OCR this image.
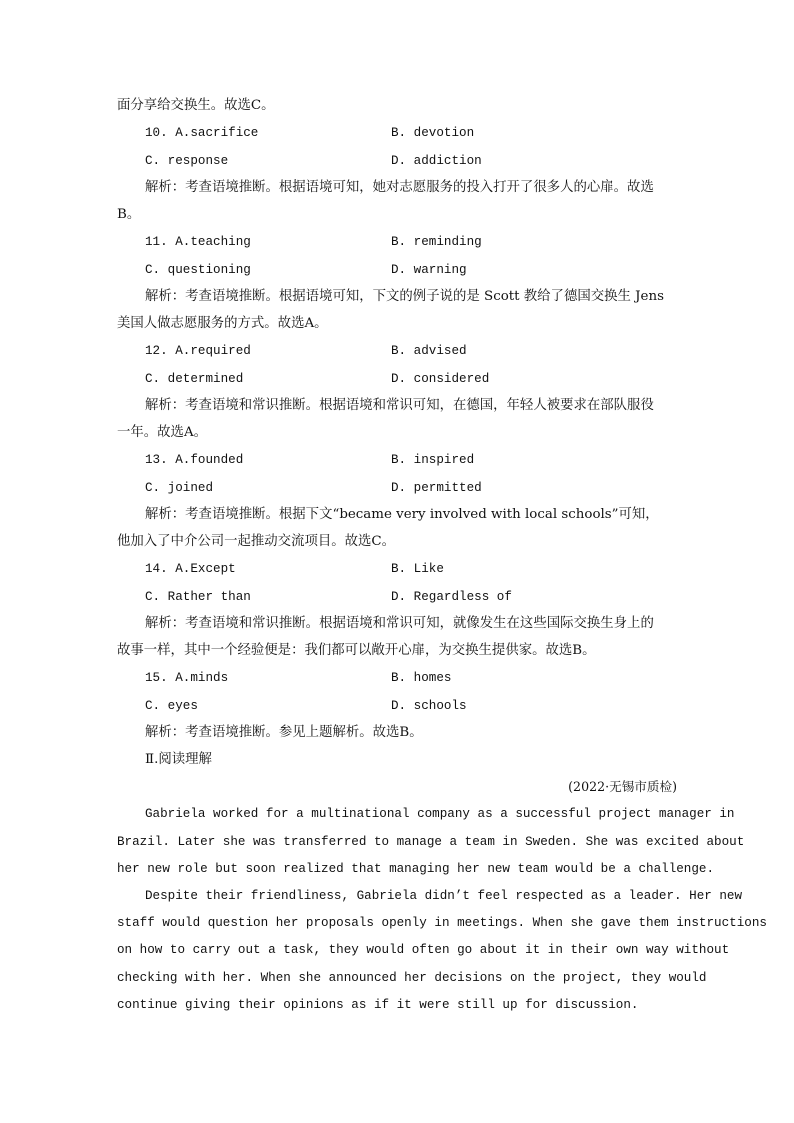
面分享给交换生。故选C。
10. A.sacrifice	B. devotion
C. response	D. addiction
解析：考查语境推断。根据语境可知，她对志愿服务的投入打开了很多人的心扉。故选
B。
11. A.teaching	B. reminding
C. questioning	D. warning
解析：考查语境推断。根据语境可知，下文的例子说的是 Scott 教给了德国交换生 Jens
美国人做志愿服务的方式。故选A。
12. A.required	B. advised
C. determined	D. considered
解析：考查语境和常识推断。根据语境和常识可知，在德国，年轻人被要求在部队服役
一年。故选A。
13. A.founded	B. inspired
C. joined	D. permitted
解析：考查语境推断。根据下文“became very involved with local schools”可知，
他加入了中介公司一起推动交流项目。故选C。
14. A.Except	B. Like
C. Rather than	D. Regardless of
解析：考查语境和常识推断。根据语境和常识可知，就像发生在这些国际交换生身上的
故事一样，其中一个经验便是：我们都可以敞开心扉，为交换生提供家。故选B。
15. A.minds	B. homes
C. eyes	D. schools
解析：考查语境推断。参见上题解析。故选B。
Ⅱ.阅读理解
(2022·无锡市质检)
Gabriela worked for a multinational company as a successful project manager in
Brazil. Later she was transferred to manage a team in Sweden. She was excited about
her new role but soon realized that managing her new team would be a challenge.
Despite their friendliness, Gabriela didn’t feel respected as a leader. Her new
staff would question her proposals openly in meetings. When she gave them instructions
on how to carry out a task, they would often go about it in their own way without
checking with her. When she announced her decisions on the project, they would
continue giving their opinions as if it were still up for discussion.
